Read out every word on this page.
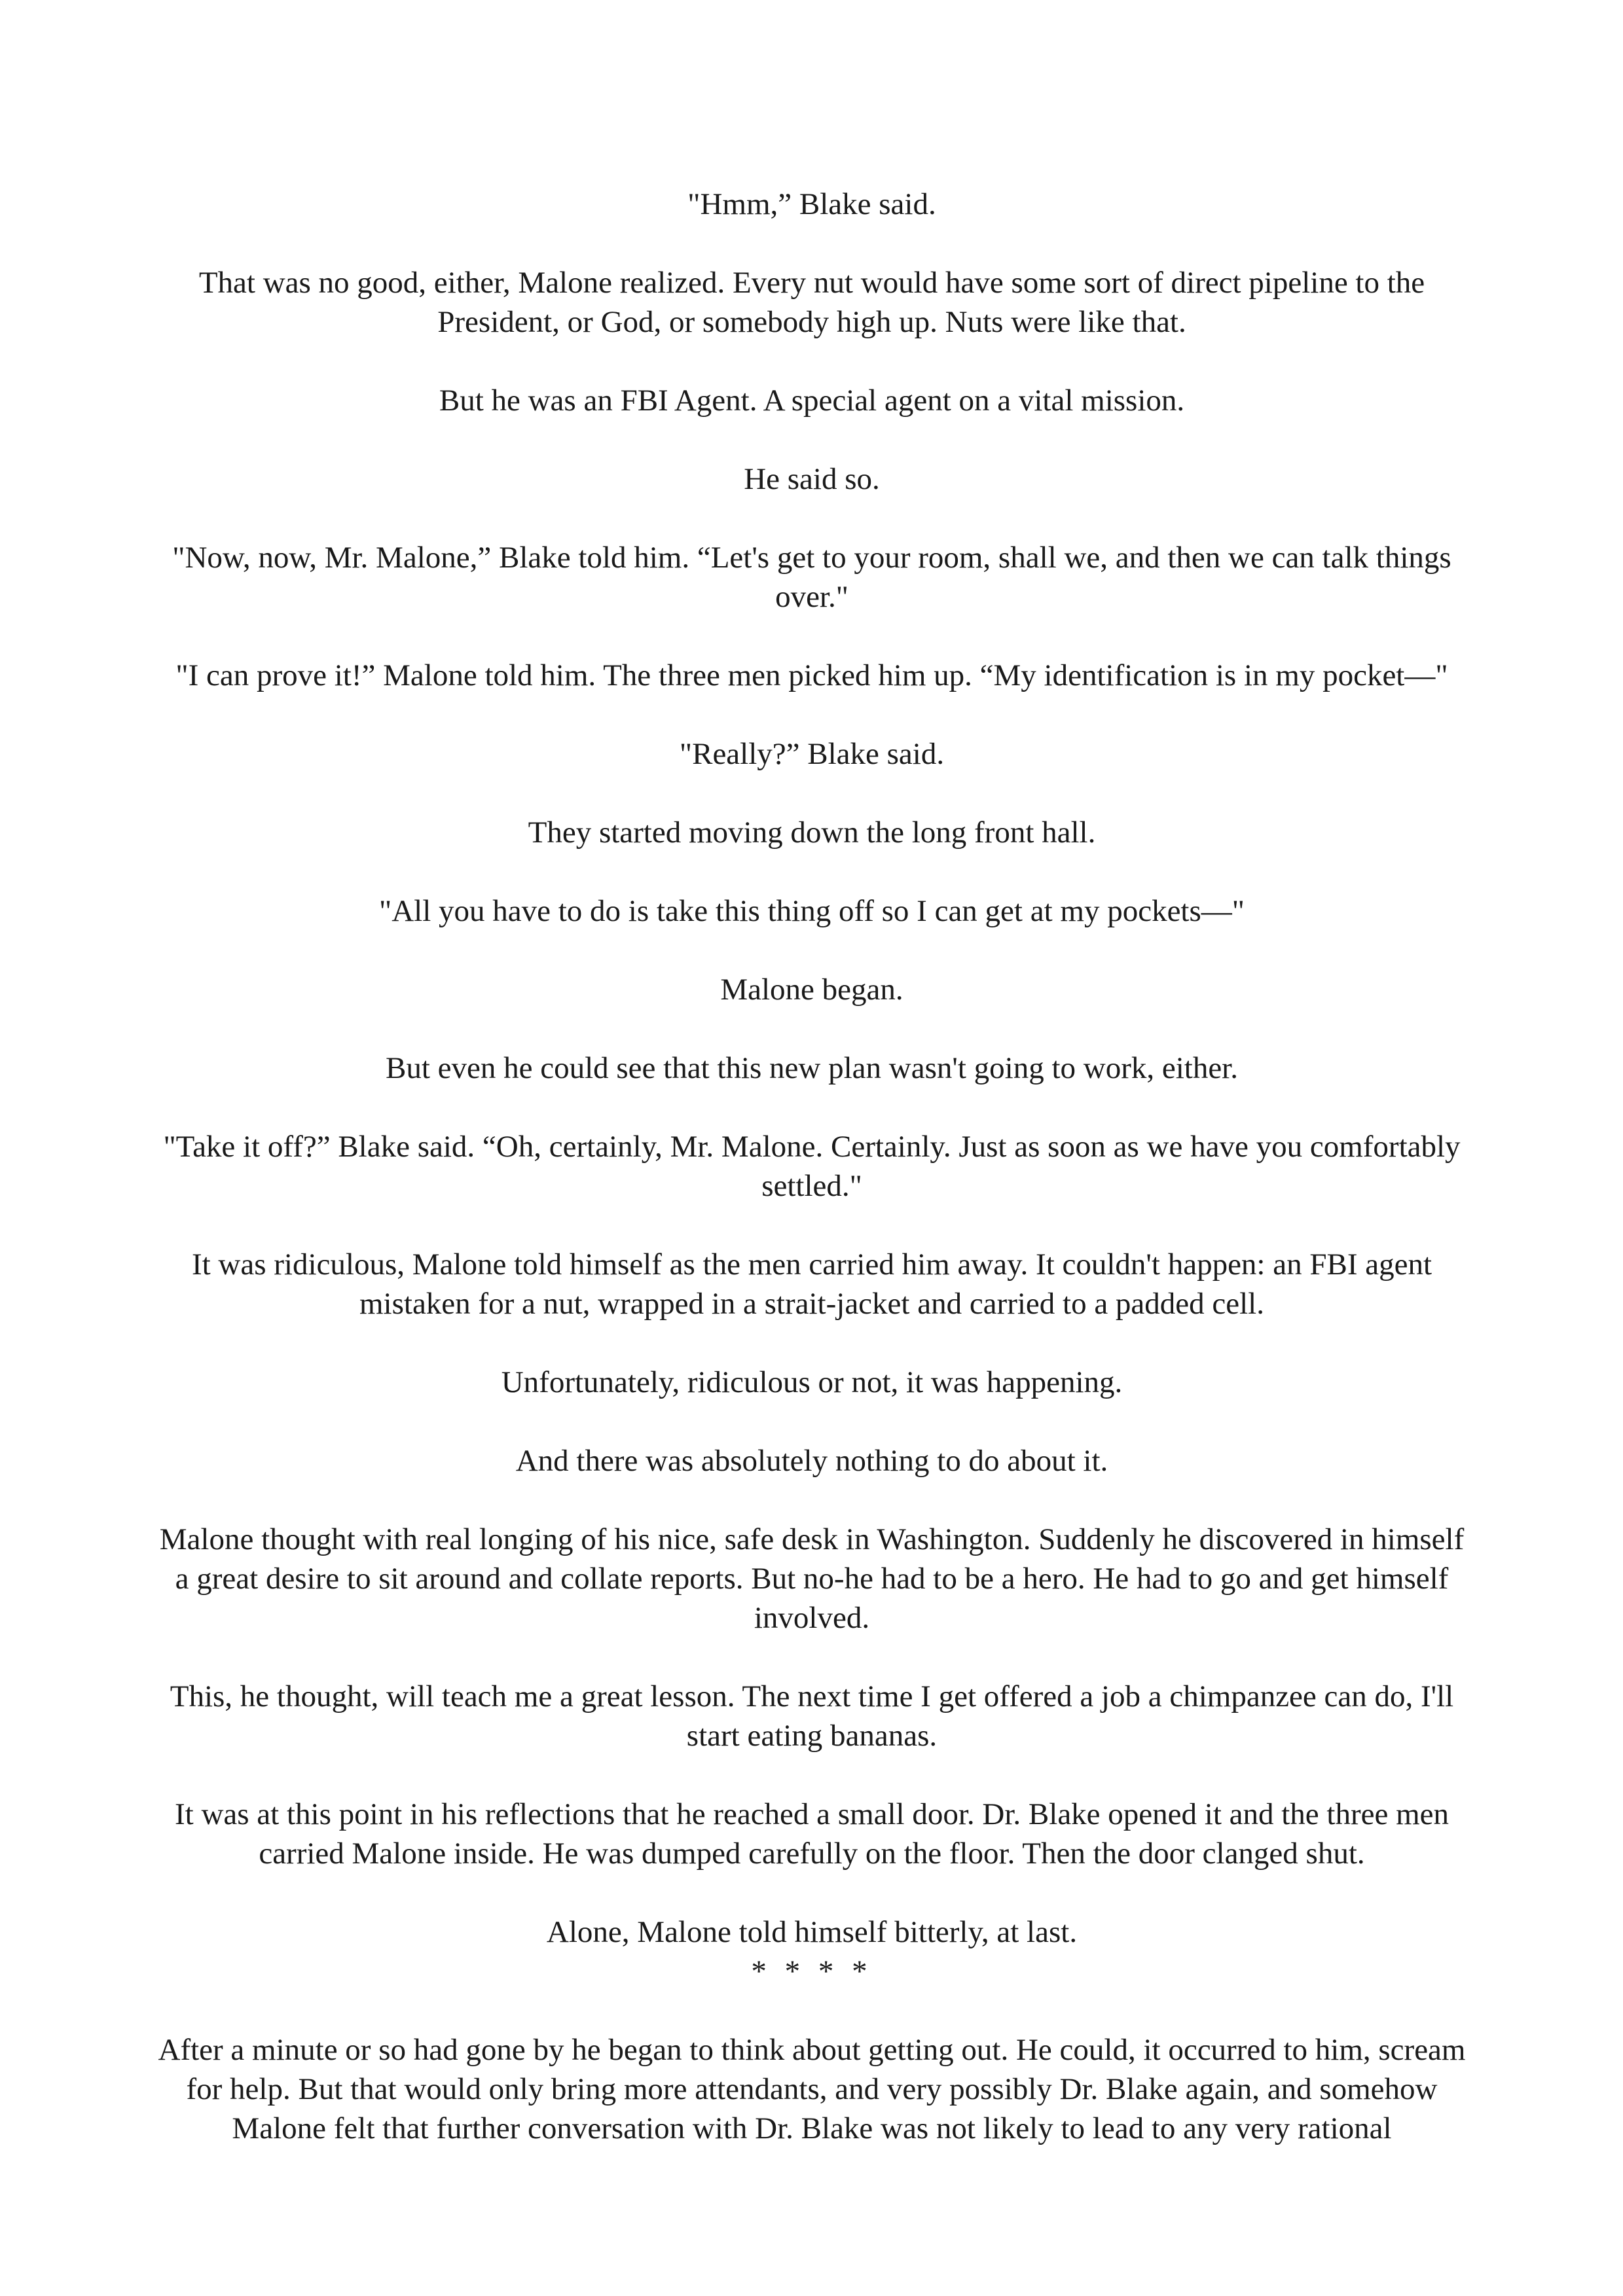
"Hmm,” Blake said.

That was no good, either, Malone realized. Every nut would have some sort of direct pipeline to the President, or God, or somebody high up. Nuts were like that.

But he was an FBI Agent. A special agent on a vital mission.

He said so.

"Now, now, Mr. Malone,” Blake told him. “Let's get to your room, shall we, and then we can talk things over."

"I can prove it!” Malone told him. The three men picked him up. “My identification is in my pocket—"

"Really?” Blake said.

They started moving down the long front hall.

"All you have to do is take this thing off so I can get at my pockets—"

Malone began.

But even he could see that this new plan wasn't going to work, either.

"Take it off?” Blake said. “Oh, certainly, Mr. Malone. Certainly. Just as soon as we have you comfortably settled."

It was ridiculous, Malone told himself as the men carried him away. It couldn't happen: an FBI agent mistaken for a nut, wrapped in a strait-jacket and carried to a padded cell.

Unfortunately, ridiculous or not, it was happening.

And there was absolutely nothing to do about it.

Malone thought with real longing of his nice, safe desk in Washington. Suddenly he discovered in himself a great desire to sit around and collate reports. But no-he had to be a hero. He had to go and get himself involved.

This, he thought, will teach me a great lesson. The next time I get offered a job a chimpanzee can do, I'll start eating bananas.

It was at this point in his reflections that he reached a small door. Dr. Blake opened it and the three men carried Malone inside. He was dumped carefully on the floor. Then the door clanged shut.

Alone, Malone told himself bitterly, at last.

* * * *

After a minute or so had gone by he began to think about getting out. He could, it occurred to him, scream for help. But that would only bring more attendants, and very possibly Dr. Blake again, and somehow Malone felt that further conversation with Dr. Blake was not likely to lead to any very rational
